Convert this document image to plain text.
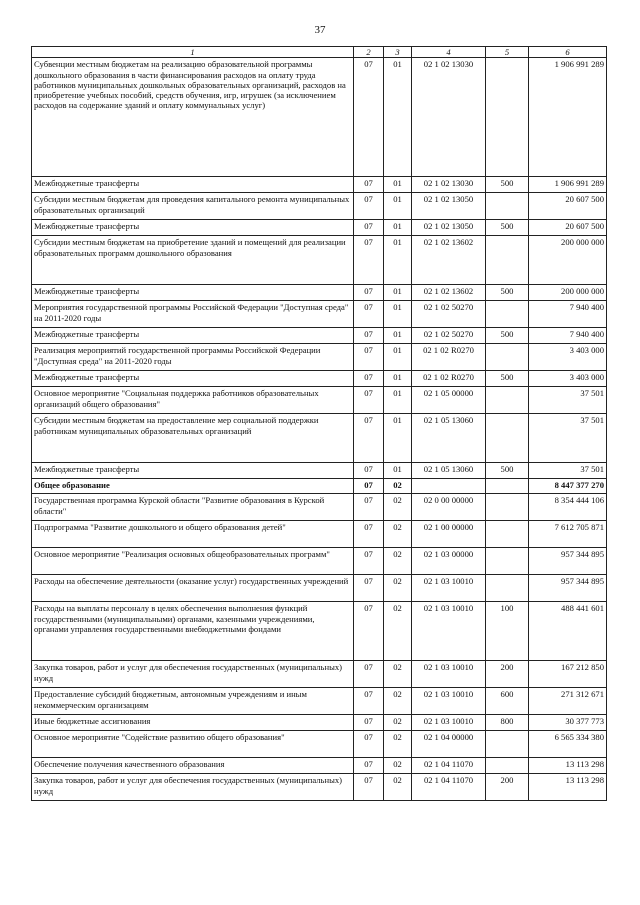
37
1	2	3	4	5	6
Субвенции местным бюджетам на реализацию образовательной программы дошкольного образования в части финансирования расходов на оплату труда работников муниципальных дошкольных образовательных организаций, расходов на приобретение учебных пособий, средств обучения, игр, игрушек (за исключением расходов на содержание зданий и оплату коммунальных услуг)	07	01	02 1 02 13030		1 906 991 289
Межбюджетные трансферты	07	01	02 1 02 13030	500	1 906 991 289
Субсидии местным бюджетам для проведения капитального ремонта муниципальных образовательных организаций	07	01	02 1 02 13050		20 607 500
Межбюджетные трансферты	07	01	02 1 02 13050	500	20 607 500
Субсидии местным бюджетам на приобретение зданий и помещений для реализации образовательных программ дошкольного образования	07	01	02 1 02 13602		200 000 000
Межбюджетные трансферты	07	01	02 1 02 13602	500	200 000 000
Мероприятия государственной программы Российской Федерации "Доступная среда" на 2011-2020 годы	07	01	02 1 02 50270		7 940 400
Межбюджетные трансферты	07	01	02 1 02 50270	500	7 940 400
Реализация мероприятий государственной программы Российской Федерации "Доступная среда" на 2011-2020 годы	07	01	02 1 02 R0270		3 403 000
Межбюджетные трансферты	07	01	02 1 02 R0270	500	3 403 000
Основное мероприятие "Социальная поддержка работников образовательных организаций общего образования"	07	01	02 1 05 00000		37 501
Субсидии местным бюджетам на предоставление мер социальной поддержки работникам муниципальных образовательных организаций	07	01	02 1 05 13060		37 501
Межбюджетные трансферты	07	01	02 1 05 13060	500	37 501
Общее образование	07	02			8 447 377 270
Государственная программа Курской области "Развитие образования в Курской области"	07	02	02 0 00 00000		8 354 444 106
Подпрограмма "Развитие дошкольного и общего образования детей"	07	02	02 1 00 00000		7 612 705 871
Основное мероприятие "Реализация основных общеобразовательных программ"	07	02	02 1 03 00000		957 344 895
Расходы на обеспечение деятельности (оказание услуг) государственных учреждений	07	02	02 1 03 10010		957 344 895
Расходы на выплаты персоналу в целях обеспечения выполнения функций государственными (муниципальными) органами, казенными учреждениями, органами управления государственными внебюджетными фондами	07	02	02 1 03 10010	100	488 441 601
Закупка товаров, работ и услуг для обеспечения государственных (муниципальных) нужд	07	02	02 1 03 10010	200	167 212 850
Предоставление субсидий бюджетным, автономным учреждениям и иным некоммерческим организациям	07	02	02 1 03 10010	600	271 312 671
Иные бюджетные ассигнования	07	02	02 1 03 10010	800	30 377 773
Основное мероприятие "Содействие развитию общего образования"	07	02	02 1 04 00000		6 565 334 380
Обеспечение получения качественного образования	07	02	02 1 04 11070		13 113 298
Закупка товаров, работ и услуг для обеспечения государственных (муниципальных) нужд	07	02	02 1 04 11070	200	13 113 298
